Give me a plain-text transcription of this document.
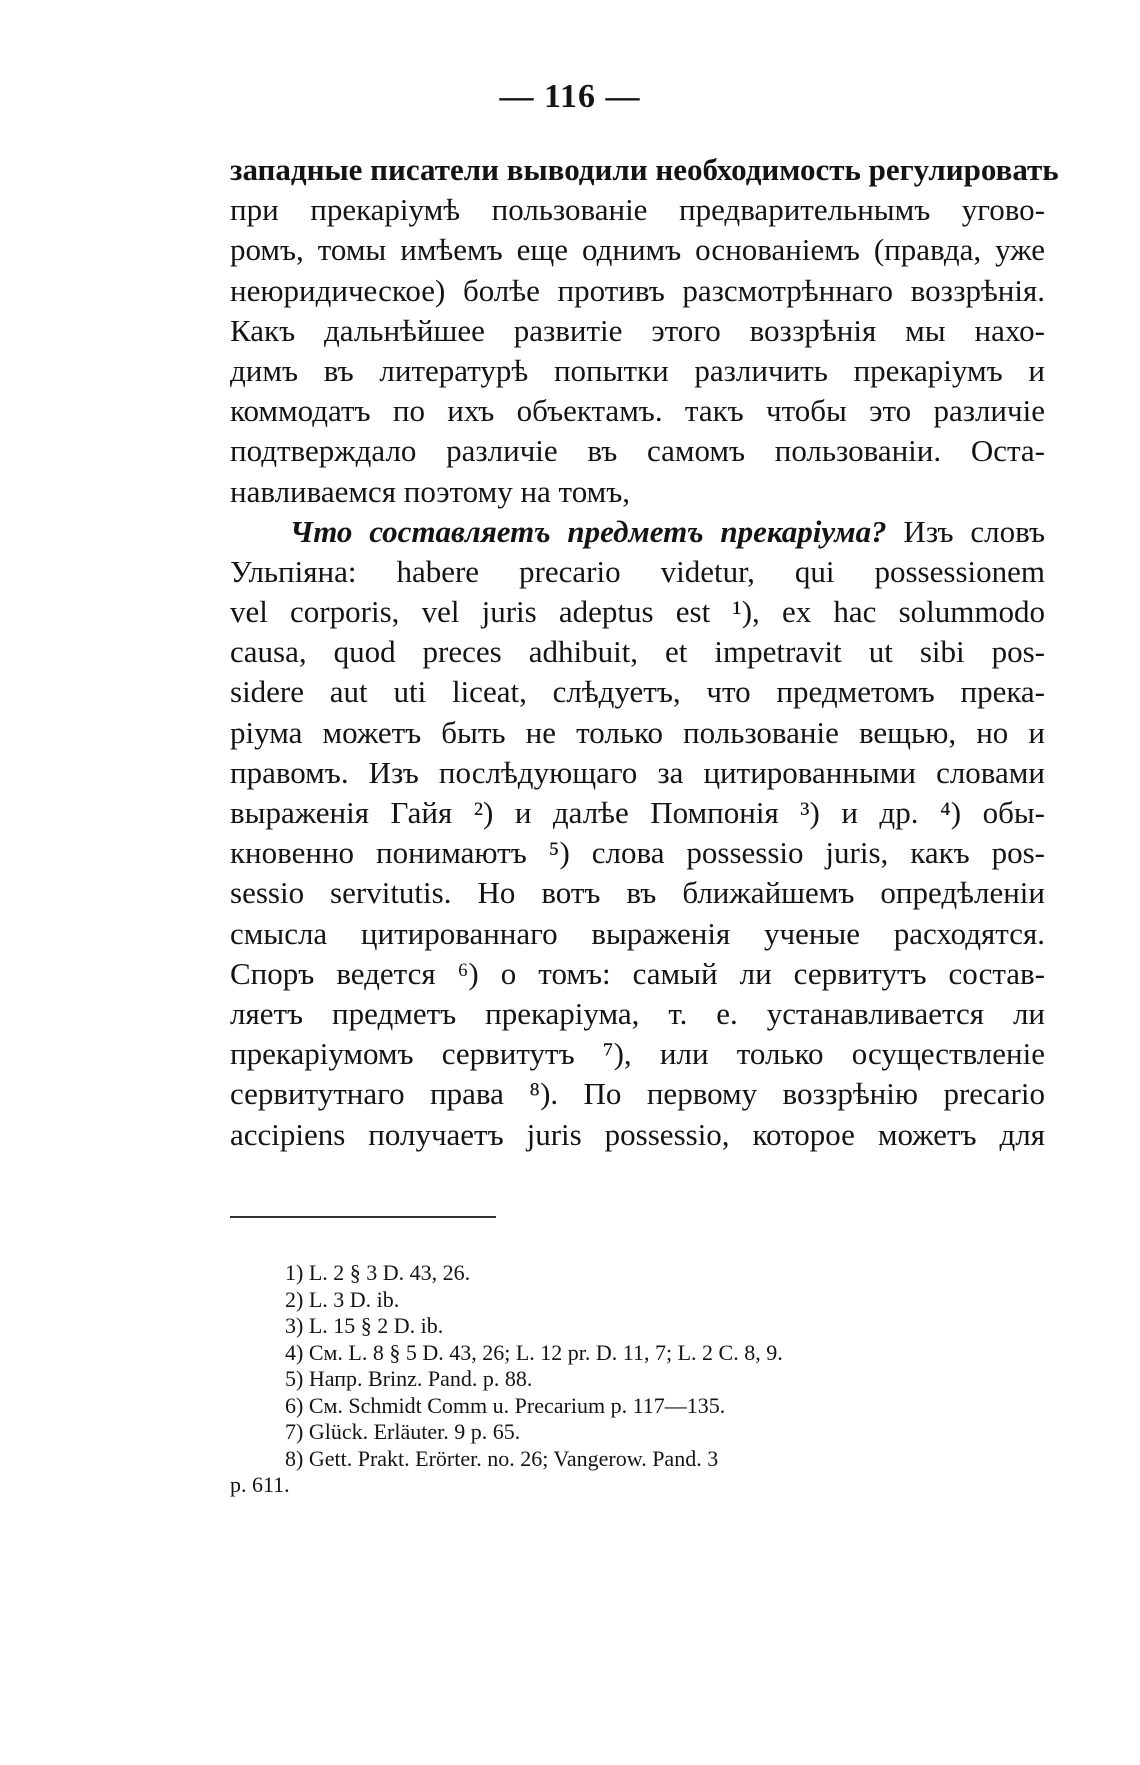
— 116 —
западные писатели выводили необходимость регулировать
при прекаріумѣ пользованіе предварительнымъ угово-
ромъ, томы имѣемъ еще однимъ основаніемъ (правда, уже
неюридическое) болѣе противъ разсмотрѣннаго воззрѣнія.
Какъ дальнѣйшее развитіе этого воззрѣнія мы нахо-
димъ въ литературѣ попытки различить прекаріумъ и
коммодатъ по ихъ объектамъ. такъ чтобы это различіе
подтверждало различіе въ самомъ пользованіи. Оста-
навливаемся поэтому на томъ,
Что составляетъ предметъ прекаріума? Изъ словъ
Ульпіяна: habere precario videtur, qui possessionem
vel corporis, vel juris adeptus est ¹), ex hac solummodo
causa, quod preces adhibuit, et impetravit ut sibi pos-
sidere aut uti liceat, слѣдуетъ, что предметомъ прека-
ріума можетъ быть не только пользованіе вещью, но и
правомъ. Изъ послѣдующаго за цитированными словами
выраженія Гайя ²) и далѣе Помпонія ³) и др. ⁴) обы-
кновенно понимаютъ ⁵) слова possessio juris, какъ pos-
sessio servitutis. Но вотъ въ ближайшемъ опредѣленіи
смысла цитированнаго выраженія ученые расходятся.
Споръ ведется ⁶) о томъ: самый ли сервитутъ состав-
ляетъ предметъ прекаріума, т. е. устанавливается ли
прекаріумомъ сервитутъ ⁷), или только осуществленіе
сервитутнаго права ⁸). По первому воззрѣнію precario
accipiens получаетъ juris possessio, которое можетъ для
1) L. 2 § 3 D. 43, 26.
2) L. 3 D. ib.
3) L. 15 § 2 D. ib.
4) См. L. 8 § 5 D. 43, 26; L. 12 pr. D. 11, 7; L. 2 C. 8, 9.
5) Напр. Brinz. Pand. p. 88.
6) См. Schmidt Comm u. Precarium p. 117—135.
7) Glück. Erläuter. 9 p. 65.
8) Gett. Prakt. Erörter. no. 26; Vangerow. Pand. 3
p. 611.
